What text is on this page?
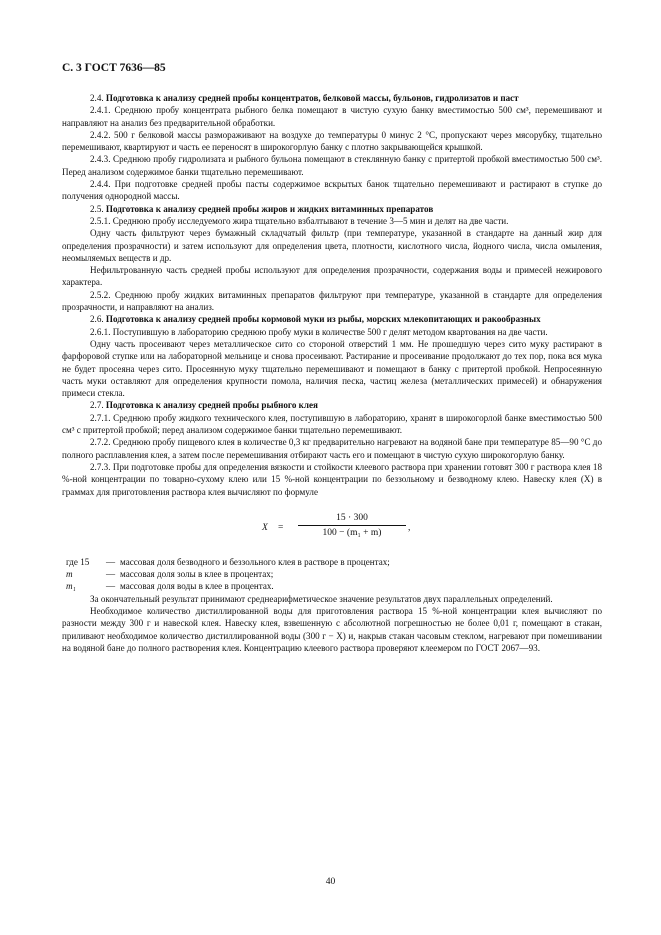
С. 3 ГОСТ 7636—85

2.4. Подготовка к анализу средней пробы концентратов, белковой массы, бульонов, гидролизатов и паст

2.4.1. Среднюю пробу концентрата рыбного белка помещают в чистую сухую банку вместимостью 500 см³, перемешивают и направляют на анализ без предварительной обработки.

2.4.2. 500 г белковой массы размораживают на воздухе до температуры 0 минус 2 °С, пропускают через мясорубку, тщательно перемешивают, квартируют и часть ее переносят в широкогорлую банку с плотно закрывающейся крышкой.

2.4.3. Среднюю пробу гидролизата и рыбного бульона помещают в стеклянную банку с притертой пробкой вместимостью 500 см³. Перед анализом содержимое банки тщательно перемешивают.

2.4.4. При подготовке средней пробы пасты содержимое вскрытых банок тщательно перемешивают и растирают в ступке до получения однородной массы.

2.5. Подготовка к анализу средней пробы жиров и жидких витаминных препаратов

2.5.1. Среднюю пробу исследуемого жира тщательно взбалтывают в течение 3—5 мин и делят на две части.

Одну часть фильтруют через бумажный складчатый фильтр (при температуре, указанной в стандарте на данный жир для определения прозрачности) и затем используют для определения цвета, плотности, кислотного числа, йодного числа, числа омыления, неомыляемых веществ и др.

Нефильтрованную часть средней пробы используют для определения прозрачности, содержания воды и примесей нежирового характера.

2.5.2. Среднюю пробу жидких витаминных препаратов фильтруют при температуре, указанной в стандарте для определения прозрачности, и направляют на анализ.

2.6. Подготовка к анализу средней пробы кормовой муки из рыбы, морских млекопитающих и ракообразных

2.6.1. Поступившую в лабораторию среднюю пробу муки в количестве 500 г делят методом квартования на две части.

Одну часть просеивают через металлическое сито со стороной отверстий 1 мм. Не прошедшую через сито муку растирают в фарфоровой ступке или на лабораторной мельнице и снова просеивают. Растирание и просеивание продолжают до тех пор, пока вся мука не будет просеяна через сито. Просеянную муку тщательно перемешивают и помещают в банку с притертой пробкой. Непросеянную часть муки оставляют для определения крупности помола, наличия песка, частиц железа (металлических примесей) и обнаружения примеси стекла.

2.7. Подготовка к анализу средней пробы рыбного клея

2.7.1. Среднюю пробу жидкого технического клея, поступившую в лабораторию, хранят в широкогорлой банке вместимостью 500 см³ с притертой пробкой; перед анализом содержимое банки тщательно перемешивают.

2.7.2. Среднюю пробу пищевого клея в количестве 0,3 кг предварительно нагревают на водяной бане при температуре 85—90 °С до полного расплавления клея, а затем после перемешивания отбирают часть его и помещают в чистую сухую широкогорлую банку.

2.7.3. При подготовке пробы для определения вязкости и стойкости клеевого раствора при хранении готовят 300 г раствора клея 18 %-ной концентрации по товарно-сухому клею или 15 %-ной концентрации по беззольному и безводному клею. Навеску клея (X) в граммах для приготовления раствора клея вычисляют по формуле

$X = \frac{15 \cdot 300}{\text{100 − (m₁ + m)}}$ ,
где 15	— массовая доля безводного и беззольного клея в растворе в процентах;
m	— массовая доля золы в клее в процентах;
m₁	— массовая доля воды в клее в процентах.

За окончательный результат принимают среднеарифметическое значение результатов двух параллельных определений.

Необходимое количество дистиллированной воды для приготовления раствора 15 %-ной концентрации клея вычисляют по разности между 300 г и навеской клея. Навеску клея, взвешенную с абсолютной погрешностью не более 0,01 г, помещают в стакан, приливают необходимое количество дистиллированной воды (300 г − X) и, накрыв стакан часовым стеклом, нагревают при помешивании на водяной бане до полного растворения клея. Концентрацию клеевого раствора проверяют клеемером по ГОСТ 2067—93.

40
